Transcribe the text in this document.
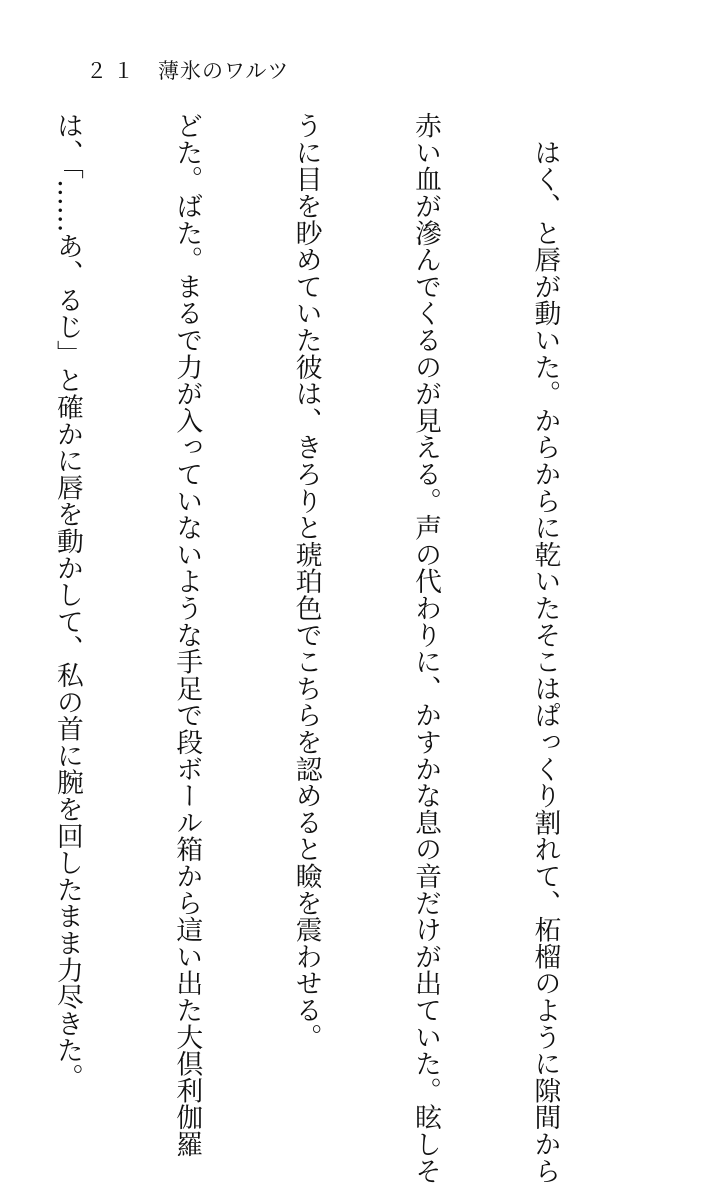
２１ 薄氷のワルツ

　はく、と唇が動いた。からからに乾いたそこはぱっくり割れて、柘榴のように隙間から

赤い血が滲んでくるのが見える。声の代わりに、かすかな息の音だけが出ていた。眩しそ

うに目を眇めていた彼は、きろりと琥珀色でこちらを認めると瞼を震わせる。

どた。ばた。まるで力が入っていないような手足で段ボール箱から這い出た大倶利伽羅

は、「……あ、るじ」と確かに唇を動かして、私の首に腕を回したまま力尽きた。
